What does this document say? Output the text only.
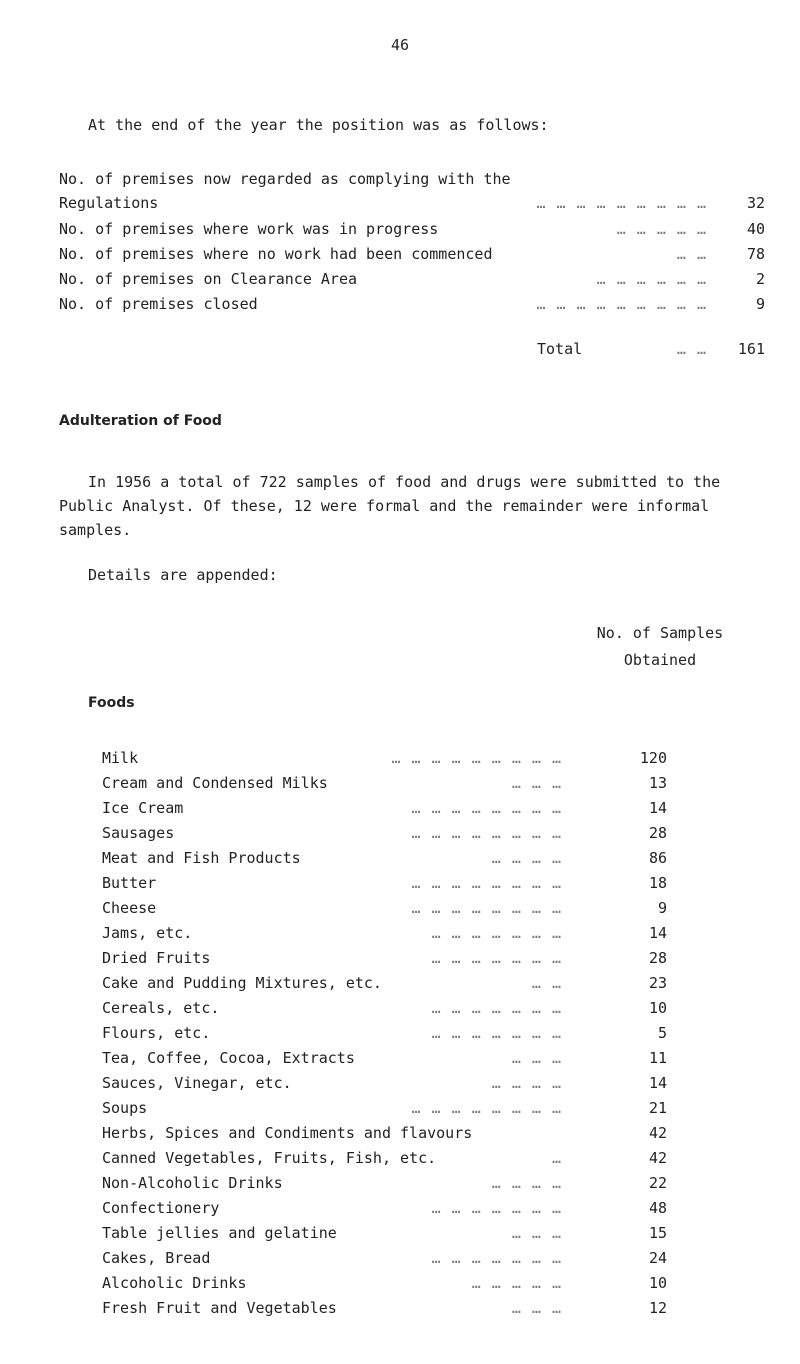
46
At the end of the year the position was as follows:
No. of premises now regarded as complying with the
Regulations	… … … … … … … … …	32
No. of premises where work was in progress	… … … … …	40
No. of premises where no work had been commenced	… …	78
No. of premises on Clearance Area	… … … … … …	2
No. of premises closed	… … … … … … … … …	9
Total	… …	161
Adulteration of Food

In 1956 a total of 722 samples of food and drugs were submitted to the Public Analyst. Of these, 12 were formal and the remainder were informal samples.

Details are appended:
No. of Samples
Obtained
Foods
Milk	… … … … … … … … …	120
Cream and Condensed Milks	… … …	13
Ice Cream	… … … … … … … …	14
Sausages	… … … … … … … …	28
Meat and Fish Products	… … … …	86
Butter	… … … … … … … …	18
Cheese	… … … … … … … …	9
Jams, etc.	… … … … … … …	14
Dried Fruits	… … … … … … …	28
Cake and Pudding Mixtures, etc.	… …	23
Cereals, etc.	… … … … … … …	10
Flours, etc.	… … … … … … …	5
Tea, Coffee, Cocoa, Extracts	… … …	11
Sauces, Vinegar, etc.	… … … …	14
Soups	… … … … … … … …	21
Herbs, Spices and Condiments and flavours	42
Canned Vegetables, Fruits, Fish, etc.	…	42
Non-Alcoholic Drinks	… … … …	22
Confectionery	… … … … … … …	48
Table jellies and gelatine	… … …	15
Cakes, Bread	… … … … … … …	24
Alcoholic Drinks	… … … … …	10
Fresh Fruit and Vegetables	… … …	12
